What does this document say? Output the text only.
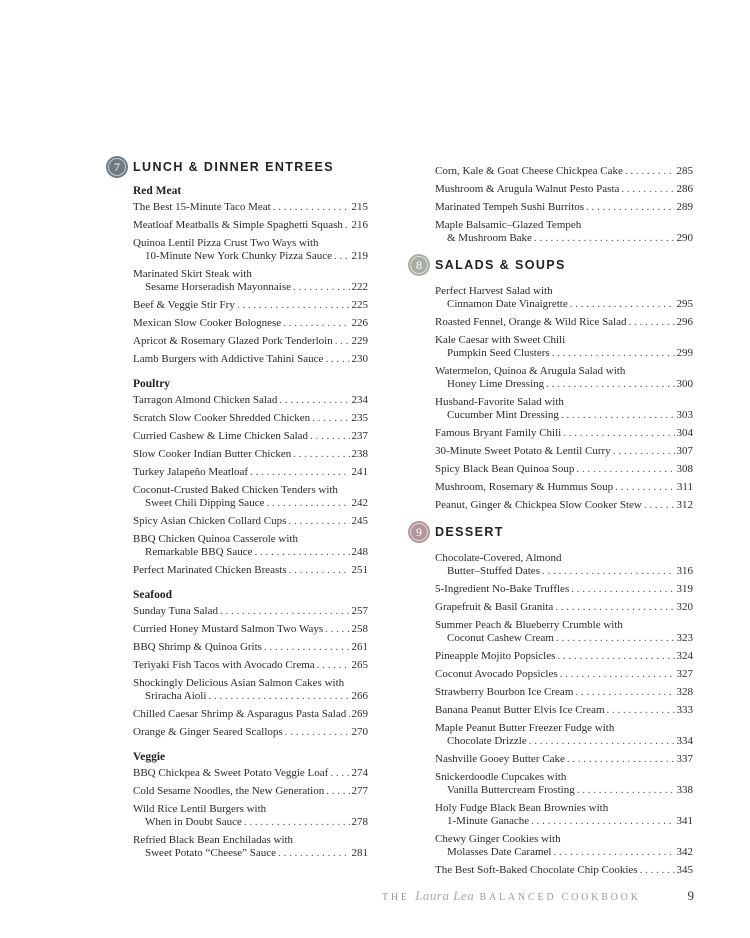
7	LUNCH & DINNER ENTREES
Red Meat
The Best 15-Minute Taco Meat . . .	215
Meatloaf Meatballs & Simple Spaghetti Squash . . . 216
Quinoa Lentil Pizza Crust Two Ways with
10-Minute New York Chunky Pizza Sauce . . . 219
Marinated Skirt Steak with
Sesame Horseradish Mayonnaise . . .	222
Beef & Veggie Stir Fry . . .	225
Mexican Slow Cooker Bolognese . . .	226
Apricot & Rosemary Glazed Pork Tenderloin . . . 229
Lamb Burgers with Addictive Tahini Sauce . . .	230
Poultry
Tarragon Almond Chicken Salad . . .	234
Scratch Slow Cooker Shredded Chicken . . .	235
Curried Cashew & Lime Chicken Salad . . .	237
Slow Cooker Indian Butter Chicken . . .	238
Turkey Jalapeño Meatloaf . . .	241
Coconut-Crusted Baked Chicken Tenders with
Sweet Chili Dipping Sauce . . .	242
Spicy Asian Chicken Collard Cups . . .	245
BBQ Chicken Quinoa Casserole with
Remarkable BBQ Sauce . . .	248
Perfect Marinated Chicken Breasts . . .	251
Seafood
Sunday Tuna Salad . . .	257
Curried Honey Mustard Salmon Two Ways . . .	258
BBQ Shrimp & Quinoa Grits . . .	261
Teriyaki Fish Tacos with Avocado Crema . . .	265
Shockingly Delicious Asian Salmon Cakes with
Sriracha Aioli . . .	266
Chilled Caesar Shrimp & Asparagus Pasta Salad . . . 269
Orange & Ginger Seared Scallops . . .	270
Veggie
BBQ Chickpea & Sweet Potato Veggie Loaf . . . 274
Cold Sesame Noodles, the New Generation . . . 277
Wild Rice Lentil Burgers with
When in Doubt Sauce . . .	278
Refried Black Bean Enchiladas with
Sweet Potato “Cheese” Sauce . . .	281
Corn, Kale & Goat Cheese Chickpea Cake . . .	285
Mushroom & Arugula Walnut Pesto Pasta . . .	286
Marinated Tempeh Sushi Burritos . . .	289
Maple Balsamic–Glazed Tempeh
& Mushroom Bake . . .	290
8	SALADS & SOUPS
Perfect Harvest Salad with
Cinnamon Date Vinaigrette . . .	295
Roasted Fennel, Orange & Wild Rice Salad . . .	296
Kale Caesar with Sweet Chili
Pumpkin Seed Clusters . . .	299
Watermelon, Quinoa & Arugula Salad with
Honey Lime Dressing . . .	300
Husband-Favorite Salad with
Cucumber Mint Dressing . . .	303
Famous Bryant Family Chili . . .	304
30-Minute Sweet Potato & Lentil Curry . . .	307
Spicy Black Bean Quinoa Soup . . .	308
Mushroom, Rosemary & Hummus Soup . . .	311
Peanut, Ginger & Chickpea Slow Cooker Stew . . .	312
9	DESSERT
Chocolate-Covered, Almond
Butter–Stuffed Dates . . .	316
5-Ingredient No-Bake Truffles . . .	319
Grapefruit & Basil Granita . . .	320
Summer Peach & Blueberry Crumble with
Coconut Cashew Cream . . .	323
Pineapple Mojito Popsicles . . .	324
Coconut Avocado Popsicles . . .	327
Strawberry Bourbon Ice Cream . . .	328
Banana Peanut Butter Elvis Ice Cream . . .	333
Maple Peanut Butter Freezer Fudge with
Chocolate Drizzle . . .	334
Nashville Gooey Butter Cake . . .	337
Snickerdoodle Cupcakes with
Vanilla Buttercream Frosting . . .	338
Holy Fudge Black Bean Brownies with
1-Minute Ganache . . .	341
Chewy Ginger Cookies with
Molasses Date Caramel . . .	342
The Best Soft-Baked Chocolate Chip Cookies . . .	345
THE Laura Lea BALANCED COOKBOOK	9
